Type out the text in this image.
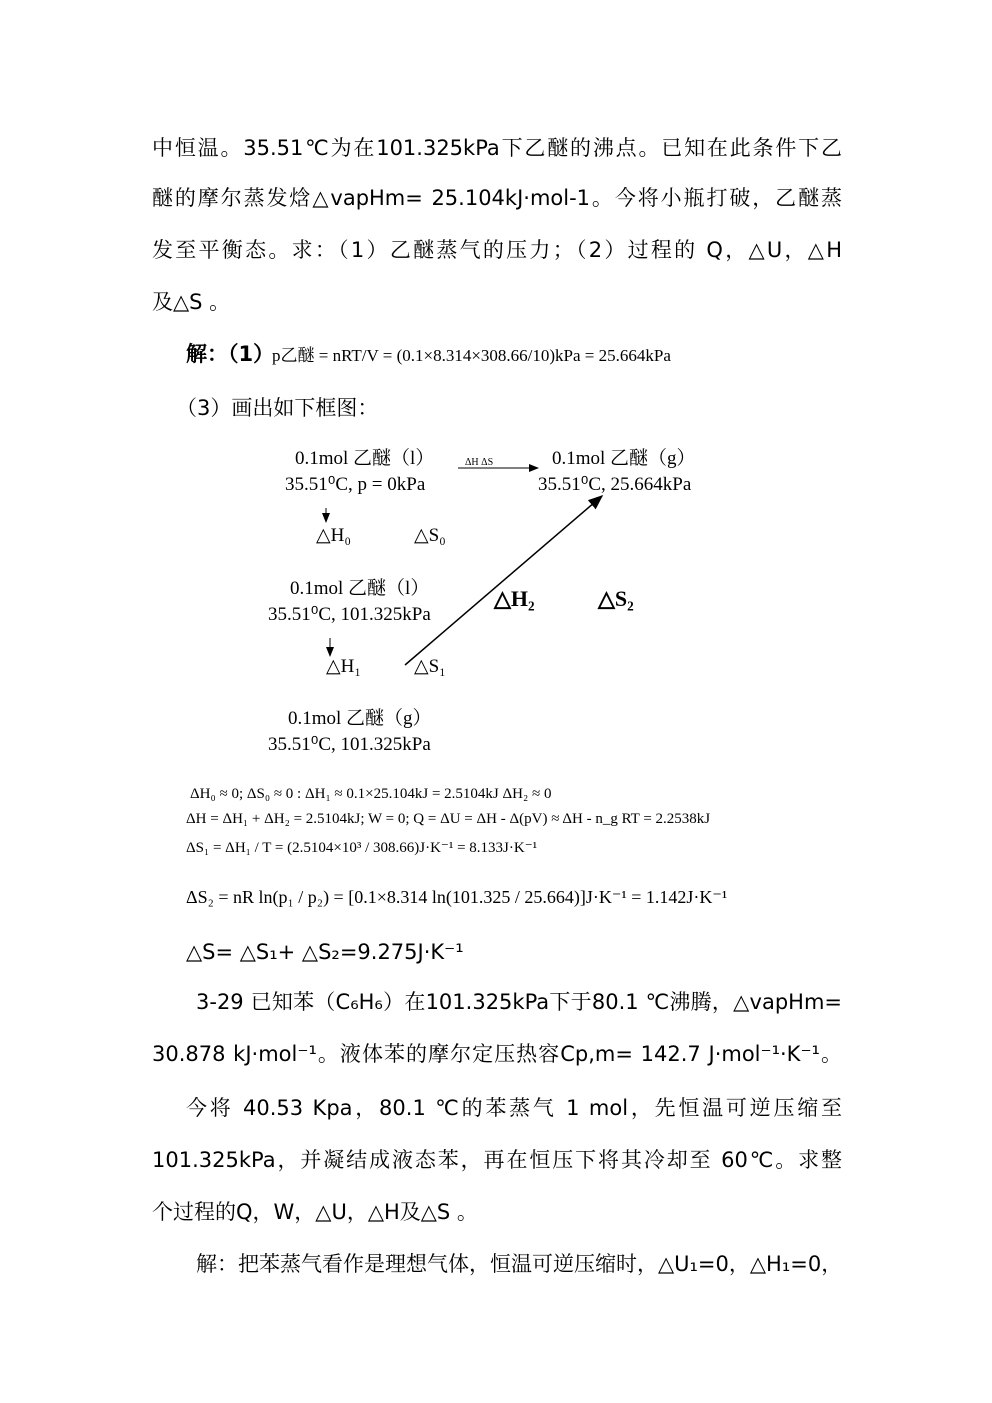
中恒温。35.51℃为在101.325kPa下乙醚的沸点。已知在此条件下乙
醚的摩尔蒸发焓△vapHm= 25.104kJ·mol-1。今将小瓶打破，乙醚蒸
发至平衡态。求：（1）乙醚蒸气的压力；（2）过程的 Q，△U，△H
及△S 。
解：（1）
p乙醚 = nRT/V = (0.1×8.314×308.66/10)kPa = 25.664kPa
（3）画出如下框图：
0.1mol 乙醚（l）
35.51⁰C, p = 0kPa
ΔH ΔS	0.1mol 乙醚（g）
35.51⁰C, 25.664kPa
△H₀	△S₀
0.1mol 乙醚（l）
35.51⁰C, 101.325kPa
△H₂	△S₂
△H₁	△S₁
0.1mol 乙醚（g）
35.51⁰C, 101.325kPa
ΔH₀ ≈ 0; ΔS₀ ≈ 0 : ΔH₁ ≈ 0.1×25.104kJ = 2.5104kJ ΔH₂ ≈ 0
ΔH = ΔH₁ + ΔH₂ = 2.5104kJ; W = 0; Q = ΔU = ΔH - Δ(pV) ≈ ΔH - n_g RT = 2.2538kJ
ΔS₁ = ΔH₁ / T = (2.5104×10³ / 308.66)J·K⁻¹ = 8.133J·K⁻¹
ΔS₂ = nR ln(p₁ / p₂) = [0.1×8.314 ln(101.325 / 25.664)]J·K⁻¹ = 1.142J·K⁻¹
△S= △S₁+ △S₂=9.275J·K⁻¹
3-29 已知苯（C₆H₆）在101.325kPa下于80.1 ℃沸腾，△vapHm=
30.878 kJ·mol⁻¹。液体苯的摩尔定压热容Cp,m= 142.7 J·mol⁻¹·K⁻¹。
今将 40.53 Kpa，80.1 ℃的苯蒸气 1 mol，先恒温可逆压缩至
101.325kPa，并凝结成液态苯，再在恒压下将其冷却至 60℃。求整
个过程的Q，W，△U，△H及△S 。
解：把苯蒸气看作是理想气体，恒温可逆压缩时，△U₁=0，△H₁=0，
